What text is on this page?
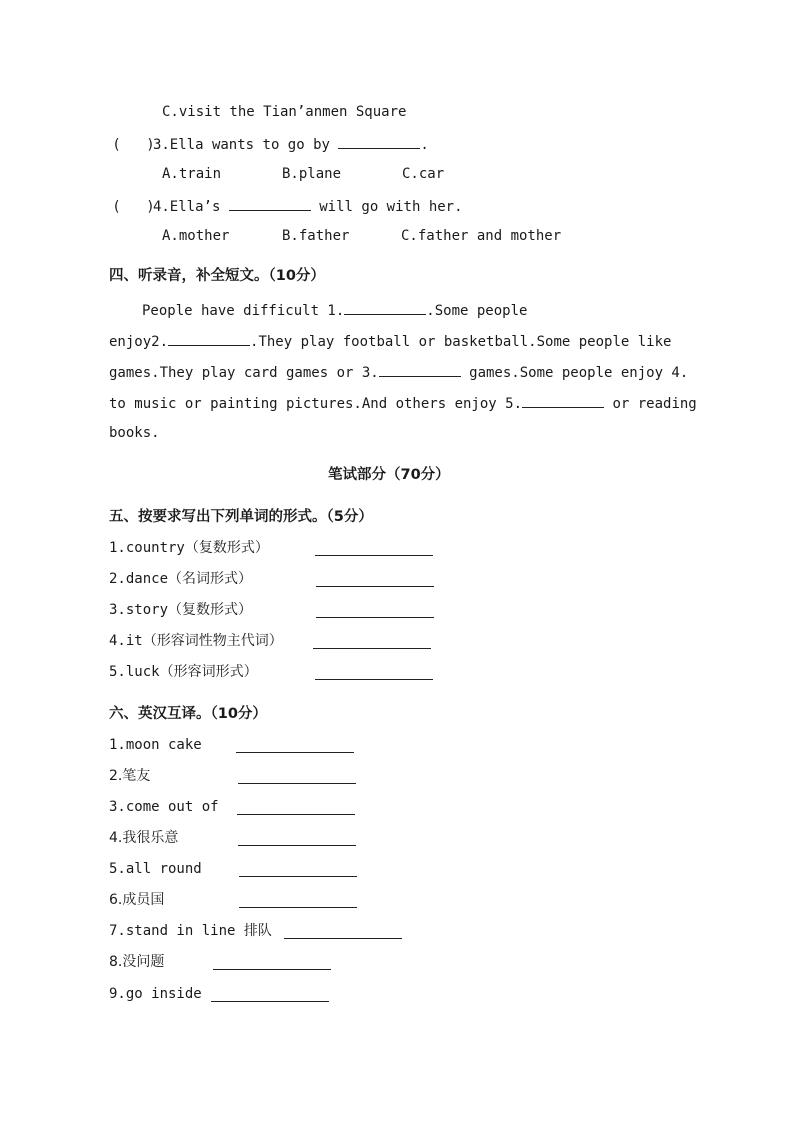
C.visit the Tian’anmen Square
(　　)3.Ella wants to go by	.
A.train	B.plane	C.car
(　　)4.Ella’s	will go with her.
A.mother	B.father	C.father and mother
四、听录音，补全短文。（10分）
People have difficult 1.	.Some people
enjoy2.	.They play football or basketball.Some people like
games.They play card games or 3.	games.Some people enjoy 4.
to music or painting pictures.And others enjoy 5.	or reading
books.
笔试部分（70分）
五、按要求写出下列单词的形式。（5分）
1.country（复数形式）
2.dance（名词形式）
3.story（复数形式）
4.it（形容词性物主代词）
5.luck（形容词形式）
六、英汉互译。（10分）
1.moon cake
2.笔友
3.come out of
4.我很乐意
5.all round
6.成员国
7.stand in line 排队
8.没问题
9.go inside
